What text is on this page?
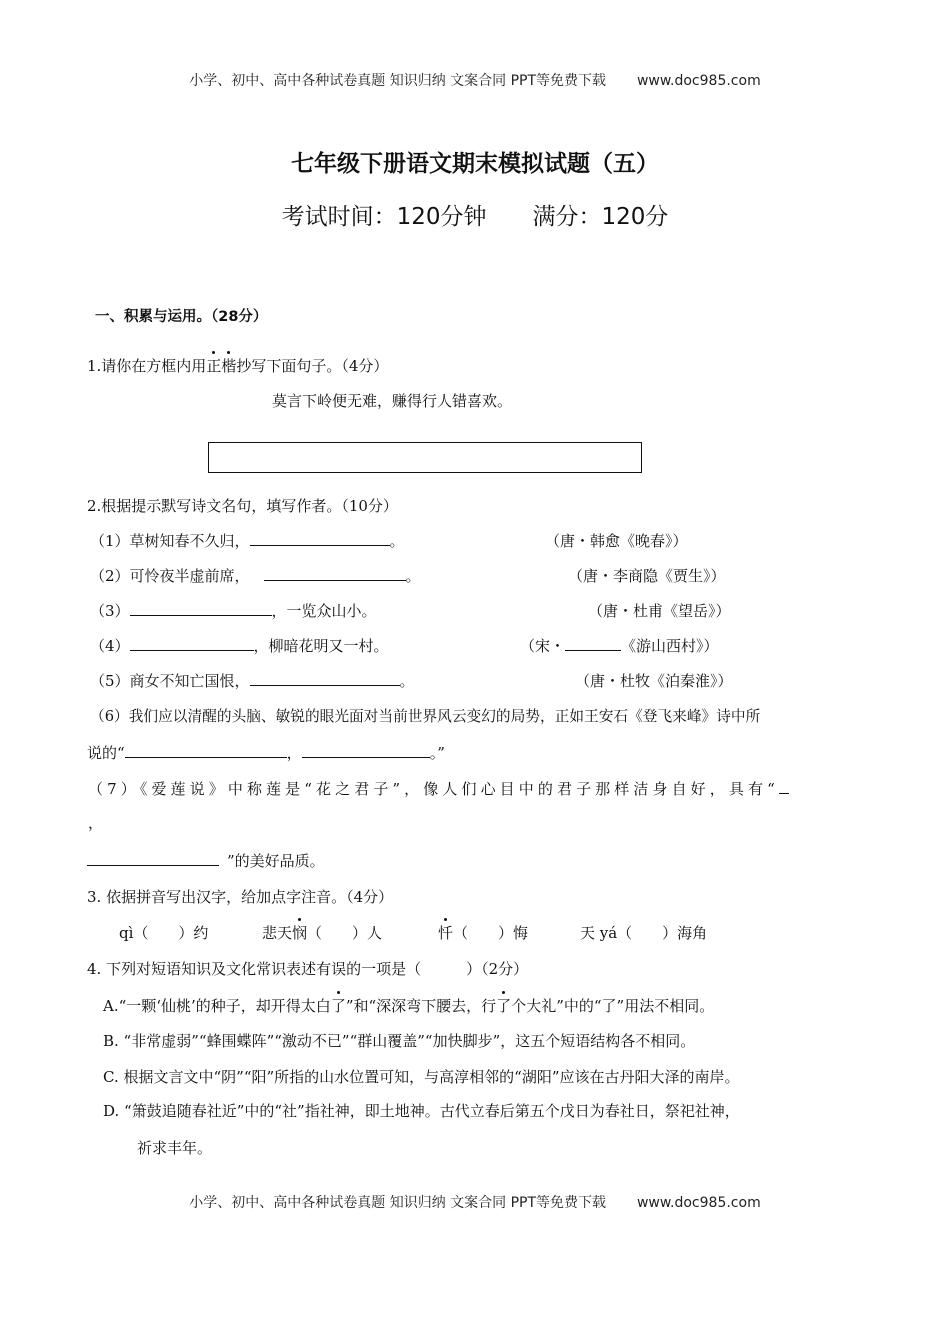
小学、初中、高中各种试卷真题 知识归纳 文案合同 PPT等免费下载 www.doc985.com
七年级下册语文期末模拟试题（五）
考试时间：120分钟　　满分：120分
一、积累与运用。（28分）
1.请你在方框内用正楷抄写下面句子。（4分）
莫言下岭便无难，赚得行人错喜欢。
2.根据提示默写诗文名句，填写作者。（10分）
（1）草树知春不久归，	。	（唐・韩愈《晚春》）
（2）可怜夜半虚前席，	。	（唐・李商隐《贾生》）
（3）	，一览众山小。	（唐・杜甫《望岳》）
（4）	，柳暗花明又一村。	（宋・	《游山西村》）
（5）商女不知亡国恨，	。	（唐・杜牧《泊秦淮》）
（6）我们应以清醒的头脑、敏锐的眼光面对当前世界风云变幻的局势，正如王安石《登飞来峰》诗中所
说的“	，	。”
（7）《爱莲说》中称莲是“花之君子”，像人们心目中的君子那样洁身自好，具有“
，
”的美好品质。
3. 依据拼音写出汉字，给加点字注音。（4分）
qì（　　）约	悲天悯（　　）人	忏（　　）悔	天 yá（　　）海角
4. 下列对短语知识及文化常识表述有误的一项是（　　　）（2分）
A.“一颗‘仙桃’的种子，却开得太白了”和“深深弯下腰去，行了个大礼”中的“了”用法不相同。
B. “非常虚弱”“蜂围蝶阵”“激动不已”“群山覆盖”“加快脚步”，这五个短语结构各不相同。
C. 根据文言文中“阴”“阳”所指的山水位置可知，与高淳相邻的“湖阳”应该在古丹阳大泽的南岸。
D. “箫鼓追随春社近”中的“社”指社神，即土地神。古代立春后第五个戊日为春社日，祭祀社神，
祈求丰年。
小学、初中、高中各种试卷真题 知识归纳 文案合同 PPT等免费下载 www.doc985.com
